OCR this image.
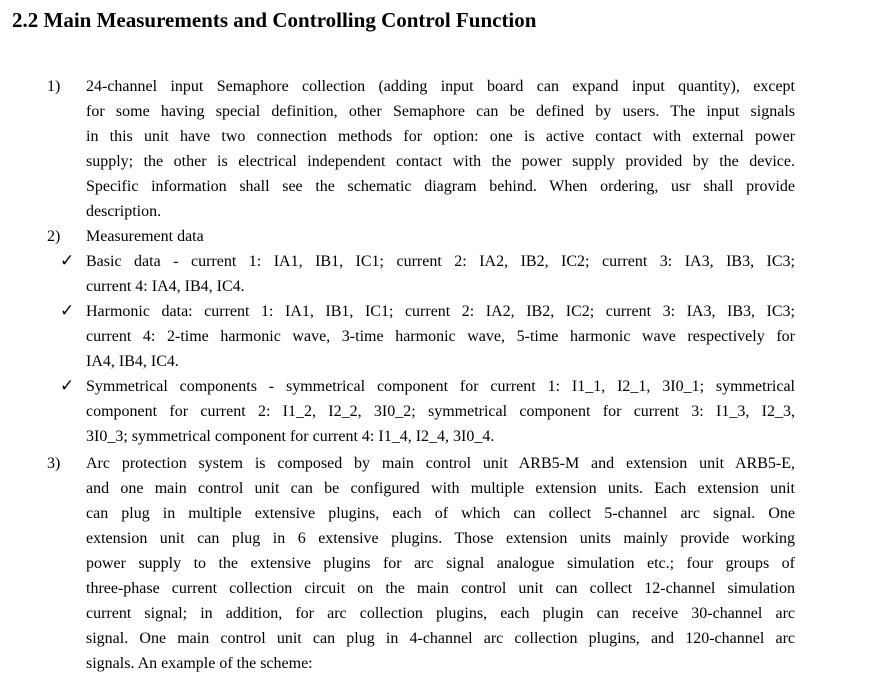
2.2 Main Measurements and Controlling Control Function
1) 24-channel input Semaphore collection (adding input board can expand input quantity), except
for some having special definition, other Semaphore can be defined by users. The input signals
in this unit have two connection methods for option: one is active contact with external power
supply; the other is electrical independent contact with the power supply provided by the device.
Specific information shall see the schematic diagram behind. When ordering, usr shall provide
description.
2) Measurement data
✓ Basic data - current 1: IA1, IB1, IC1; current 2: IA2, IB2, IC2; current 3: IA3, IB3, IC3;
current 4: IA4, IB4, IC4.
✓ Harmonic data: current 1: IA1, IB1, IC1; current 2: IA2, IB2, IC2; current 3: IA3, IB3, IC3;
current 4: 2-time harmonic wave, 3-time harmonic wave, 5-time harmonic wave respectively for
IA4, IB4, IC4.
✓ Symmetrical components - symmetrical component for current 1: I1_1, I2_1, 3I0_1; symmetrical
component for current 2: I1_2, I2_2, 3I0_2; symmetrical component for current 3: I1_3, I2_3,
3I0_3; symmetrical component for current 4: I1_4, I2_4, 3I0_4.
3) Arc protection system is composed by main control unit ARB5-M and extension unit ARB5-E,
and one main control unit can be configured with multiple extension units. Each extension unit
can plug in multiple extensive plugins, each of which can collect 5-channel arc signal. One
extension unit can plug in 6 extensive plugins. Those extension units mainly provide working
power supply to the extensive plugins for arc signal analogue simulation etc.; four groups of
three-phase current collection circuit on the main control unit can collect 12-channel simulation
current signal; in addition, for arc collection plugins, each plugin can receive 30-channel arc
signal. One main control unit can plug in 4-channel arc collection plugins, and 120-channel arc
signals. An example of the scheme:
